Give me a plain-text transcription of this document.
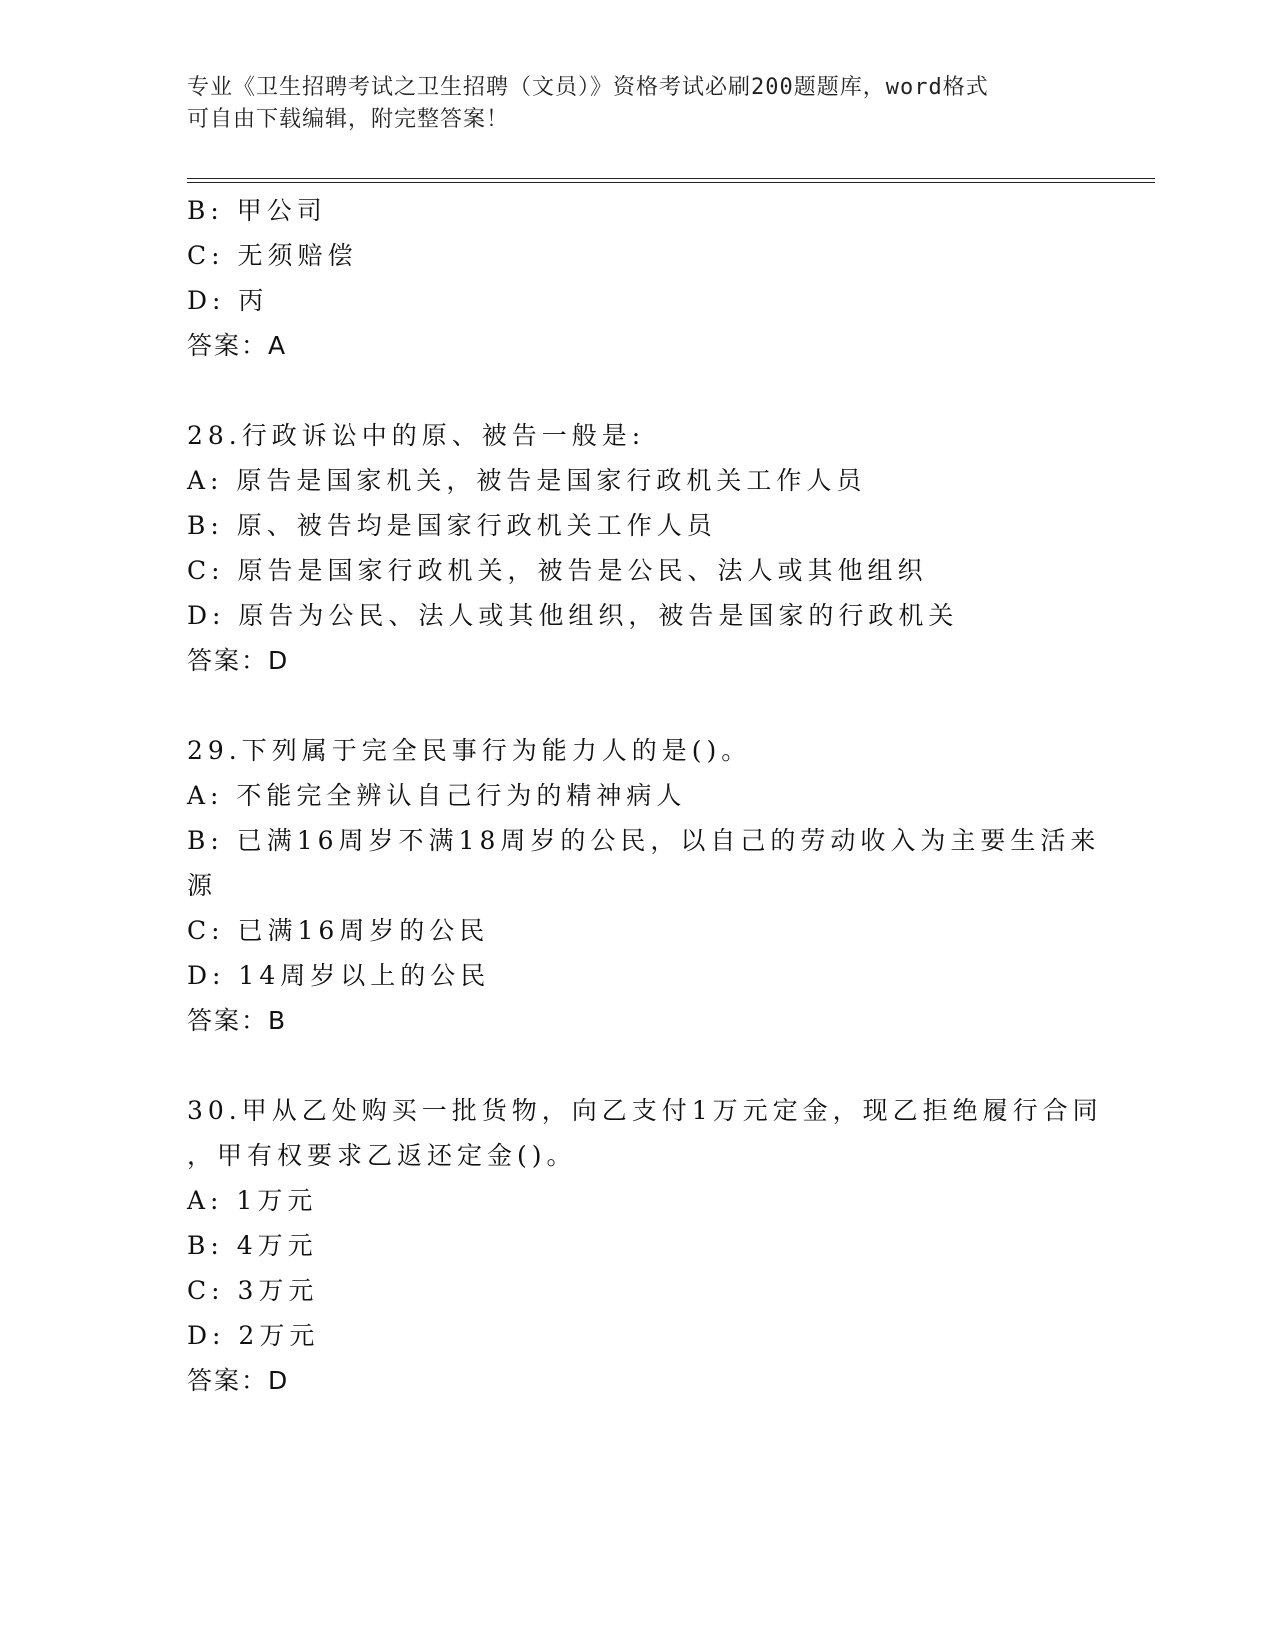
专业《卫生招聘考试之卫生招聘（文员）》资格考试必刷200题题库，word格式
可自由下载编辑，附完整答案！
B: 甲公司
C: 无须赔偿
D: 丙
答案：A
28.行政诉讼中的原、被告一般是:
A: 原告是国家机关，被告是国家行政机关工作人员
B: 原、被告均是国家行政机关工作人员
C: 原告是国家行政机关，被告是公民、法人或其他组织
D: 原告为公民、法人或其他组织，被告是国家的行政机关
答案：D
29.下列属于完全民事行为能力人的是()。
A: 不能完全辨认自己行为的精神病人
B: 已满16周岁不满18周岁的公民，以自己的劳动收入为主要生活来
源
C: 已满16周岁的公民
D: 14周岁以上的公民
答案：B
30.甲从乙处购买一批货物，向乙支付1万元定金，现乙拒绝履行合同
，甲有权要求乙返还定金()。
A: 1万元
B: 4万元
C: 3万元
D: 2万元
答案：D
